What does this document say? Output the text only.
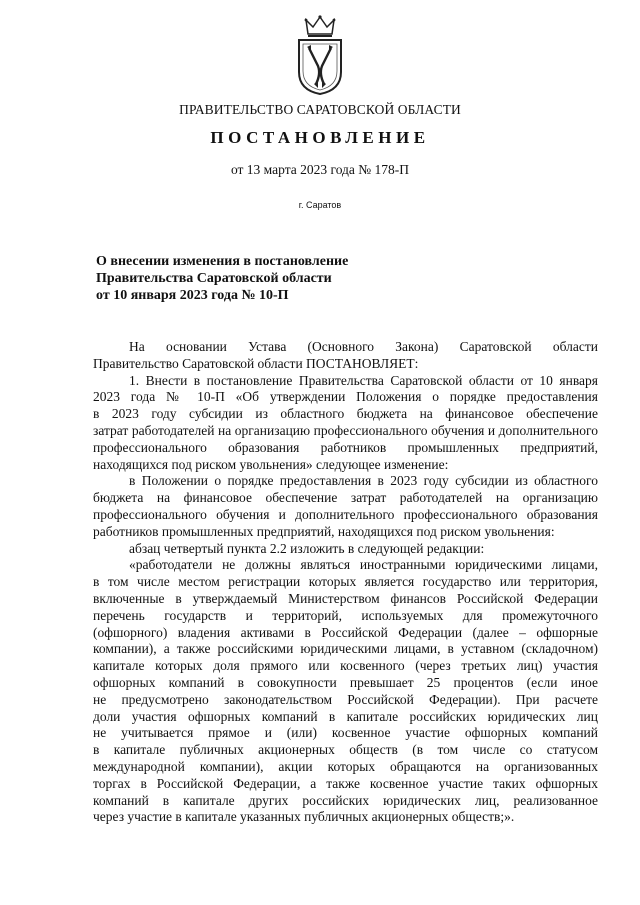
ПРАВИТЕЛЬСТВО САРАТОВСКОЙ ОБЛАСТИ
ПОСТАНОВЛЕНИЕ
от 13 марта 2023 года № 178-П
г. Саратов
О внесении изменения в постановление
Правительства Саратовской области
от 10 января 2023 года № 10-П
На основании Устава (Основного Закона) Саратовской области
Правительство Саратовской области ПОСТАНОВЛЯЕТ:
1. Внести в постановление Правительства Саратовской области от 10 января
2023 года № 10-П «Об утверждении Положения о порядке предоставления
в 2023 году субсидии из областного бюджета на финансовое обеспечение
затрат работодателей на организацию профессионального обучения и дополнительного
профессионального образования работников промышленных предприятий,
находящихся под риском увольнения» следующее изменение:
в Положении о порядке предоставления в 2023 году субсидии из областного
бюджета на финансовое обеспечение затрат работодателей на организацию
профессионального обучения и дополнительного профессионального образования
работников промышленных предприятий, находящихся под риском увольнения:
абзац четвертый пункта 2.2 изложить в следующей редакции:
«работодатели не должны являться иностранными юридическими лицами,
в том числе местом регистрации которых является государство или территория,
включенные в утверждаемый Министерством финансов Российской Федерации
перечень государств и территорий, используемых для промежуточного
(офшорного) владения активами в Российской Федерации (далее – офшорные
компании), а также российскими юридическими лицами, в уставном (складочном)
капитале которых доля прямого или косвенного (через третьих лиц) участия
офшорных компаний в совокупности превышает 25 процентов (если иное
не предусмотрено законодательством Российской Федерации). При расчете
доли участия офшорных компаний в капитале российских юридических лиц
не учитывается прямое и (или) косвенное участие офшорных компаний
в капитале публичных акционерных обществ (в том числе со статусом
международной компании), акции которых обращаются на организованных
торгах в Российской Федерации, а также косвенное участие таких офшорных
компаний в капитале других российских юридических лиц, реализованное
через участие в капитале указанных публичных акционерных обществ;».
